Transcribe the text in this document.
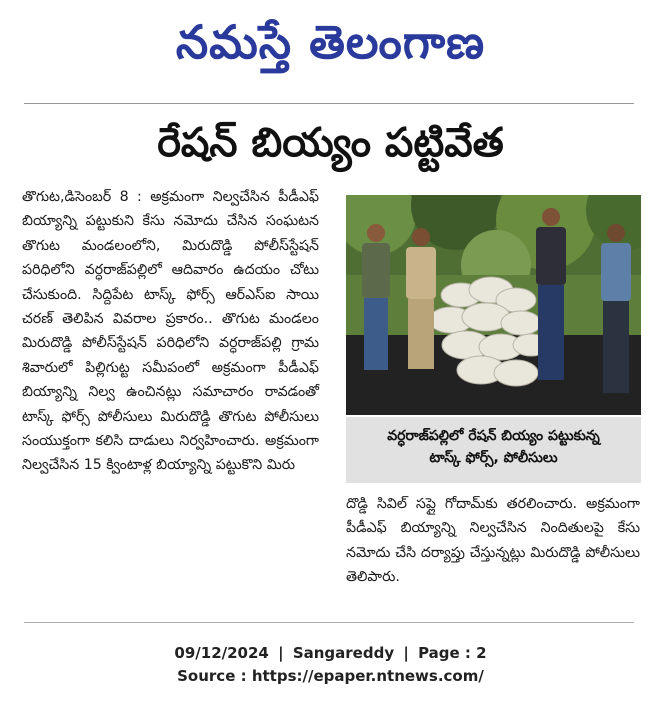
నమస్తే తెలంగాణ
రేషన్ బియ్యం పట్టివేత

తొగుట,డిసెంబర్ 8 : అక్రమంగా నిల్వచేసిన పీడీఎఫ్ బియ్యాన్ని పట్టుకుని కేసు నమోదు చేసిన సంఘటన తొగుట మండలంలోని, మిరుదొడ్డి పోలీస్‌స్టేషన్ పరిధిలోని వర్ధరాజ్‌పల్లిలో ఆదివారం ఉదయం చోటు చేసుకుంది. సిద్దిపేట టాస్క్ ఫోర్స్ ఆర్‌ఎస్‌ఐ సాయి చరణ్ తెలిపిన వివరాల ప్రకారం.. తొగుట మండలం మిరుదొడ్డి పోలీస్‌స్టేషన్ పరిధిలోని వర్ధరాజ్‌పల్లి గ్రామ శివారులో పిల్లిగుట్ట సమీపంలో అక్రమంగా పీడీఎఫ్ బియ్యాన్ని నిల్వ ఉంచినట్లు సమాచారం రావడంతో టాస్క్ ఫోర్స్ పోలీసులు మిరుదొడ్డి తొగుట పోలీసులు సంయుక్తంగా కలిసి దాడులు నిర్వహించారు. అక్రమంగా నిల్వచేసిన 15 క్వింటాళ్ల బియ్యాన్ని పట్టుకొని మిరు

వర్ధరాజ్‌పల్లిలో రేషన్ బియ్యం పట్టుకున్న
టాస్క్ ఫోర్స్, పోలీసులు

దొడ్డి సివిల్ సప్లై గోదామ్‌కు తరలించారు. అక్రమంగా పీడీఎఫ్ బియ్యాన్ని నిల్వచేసిన నిందితులపై కేసు నమోదు చేసి దర్యాప్తు చేస్తున్నట్లు మిరుదొడ్డి పోలీసులు తెలిపారు.

09/12/2024 | Sangareddy | Page : 2
Source : https://epaper.ntnews.com/
